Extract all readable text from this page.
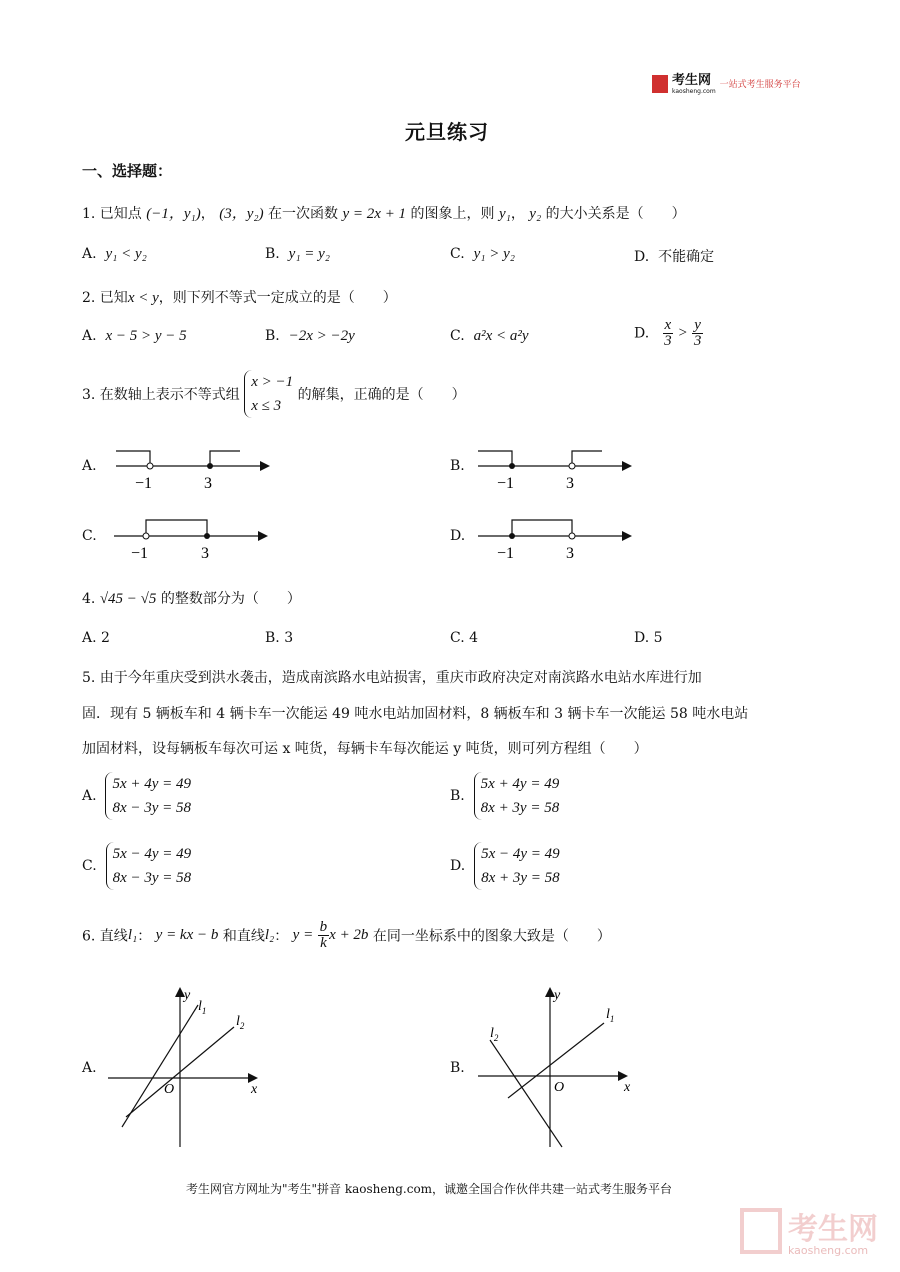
考生网
kaosheng.com
一站式考生服务平台
元旦练习
一、选择题：
1. 已知点 (−1，y₁)， (3，y₂) 在一次函数 y = 2x + 1 的图象上，则 y₁， y₂ 的大小关系是（　　）
A. y₁ < y₂	B. y₁ = y₂	C. y₁ > y₂	D. 不能确定
2. 已知x < y，则下列不等式一定成立的是（　　）
A. x − 5 > y − 5	B. −2x > −2y	C. a²x < a²y	D. $\frac{x}{3} > \frac{y}{3}$
3. 在数轴上表示不等式组 x > −1
x ≤ 3 的解集，正确的是（　　）
A.
−1	3
B.
−1	3
C.
−1	3
D.
−1	3
4. √45 − √5 的整数部分为（　　）
A. 2	B. 3	C. 4	D. 5
5. 由于今年重庆受到洪水袭击，造成南滨路水电站损害，重庆市政府决定对南滨路水电站水库进行加
固．现有 5 辆板车和 4 辆卡车一次能运 49 吨水电站加固材料，8 辆板车和 3 辆卡车一次能运 58 吨水电站
加固材料，设每辆板车每次可运 x 吨货，每辆卡车每次能运 y 吨货，则可列方程组（　　）
A.  5x + 4y = 49
8x − 3y = 58
B.  5x + 4y = 49
8x + 3y = 58
C.  5x − 4y = 49
8x − 3y = 58
D.  5x − 4y = 49
8x + 3y = 58
6. 直线l₁： y = kx − b 和直线l₂： $y = \frac{b}{k}$ x + 2b 在同一坐标系中的图象大致是（　　）
A.
x
y
O
$l_1$
$l_2$
B.
x
y
O
$l_1$
$l_2$
考生网官方网址为"考生"拼音 kaosheng.com，诚邀全国合作伙伴共建一站式考生服务平台
考生网
kaosheng.com
